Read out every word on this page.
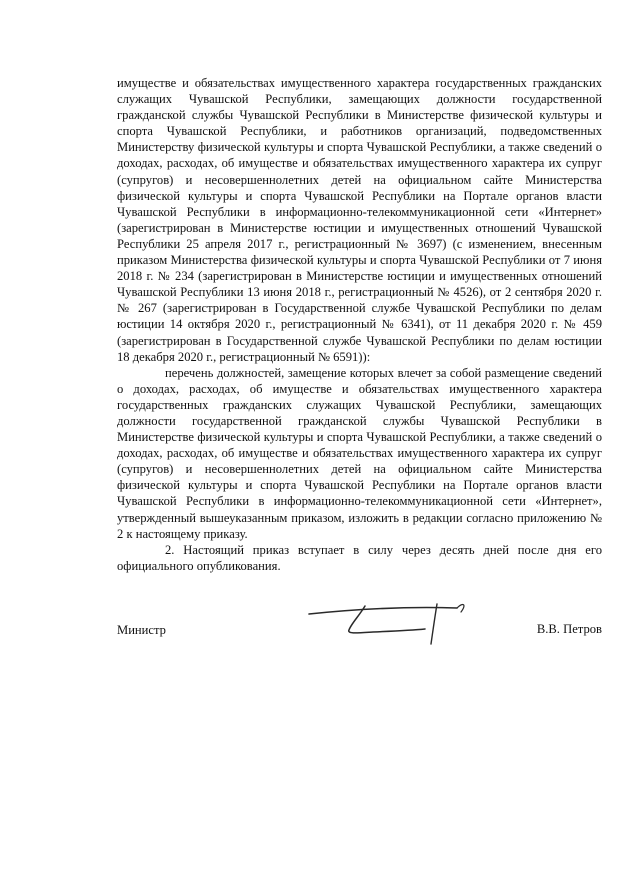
имуществе и обязательствах имущественного характера государственных гражданских служащих Чувашской Республики, замещающих должности государственной гражданской службы Чувашской Республики в Министерстве физической культуры и спорта Чувашской Республики, и работников организаций, подведомственных Министерству физической культуры и спорта Чувашской Республики, а также сведений о доходах, расходах, об имуществе и обязательствах имущественного характера их супруг (супругов) и несовершеннолетних детей на официальном сайте Министерства физической культуры и спорта Чувашской Республики на Портале органов власти Чувашской Республики в информационно-телекоммуникационной сети «Интернет» (зарегистрирован в Министерстве юстиции и имущественных отношений Чувашской Республики 25 апреля 2017 г., регистрационный № 3697) (с изменением, внесенным приказом Министерства физической культуры и спорта Чувашской Республики от 7 июня 2018 г. № 234 (зарегистрирован в Министерстве юстиции и имущественных отношений Чувашской Республики 13 июня 2018 г., регистрационный № 4526), от 2 сентября 2020 г. № 267 (зарегистрирован в Государственной службе Чувашской Республики по делам юстиции 14 октября 2020 г., регистрационный № 6341), от 11 декабря 2020 г. № 459 (зарегистрирован в Государственной службе Чувашской Республики по делам юстиции 18 декабря 2020 г., регистрационный № 6591)):

перечень должностей, замещение которых влечет за собой размещение сведений о доходах, расходах, об имуществе и обязательствах имущественного характера государственных гражданских служащих Чувашской Республики, замещающих должности государственной гражданской службы Чувашской Республики в Министерстве физической культуры и спорта Чувашской Республики, а также сведений о доходах, расходах, об имуществе и обязательствах имущественного характера их супруг (супругов) и несовершеннолетних детей на официальном сайте Министерства физической культуры и спорта Чувашской Республики на Портале органов власти Чувашской Республики в информационно-телекоммуникационной сети «Интернет», утвержденный вышеуказанным приказом, изложить в редакции согласно приложению № 2 к настоящему приказу.

2. Настоящий приказ вступает в силу через десять дней после дня его официального опубликования.

Министр	В.В. Петров
